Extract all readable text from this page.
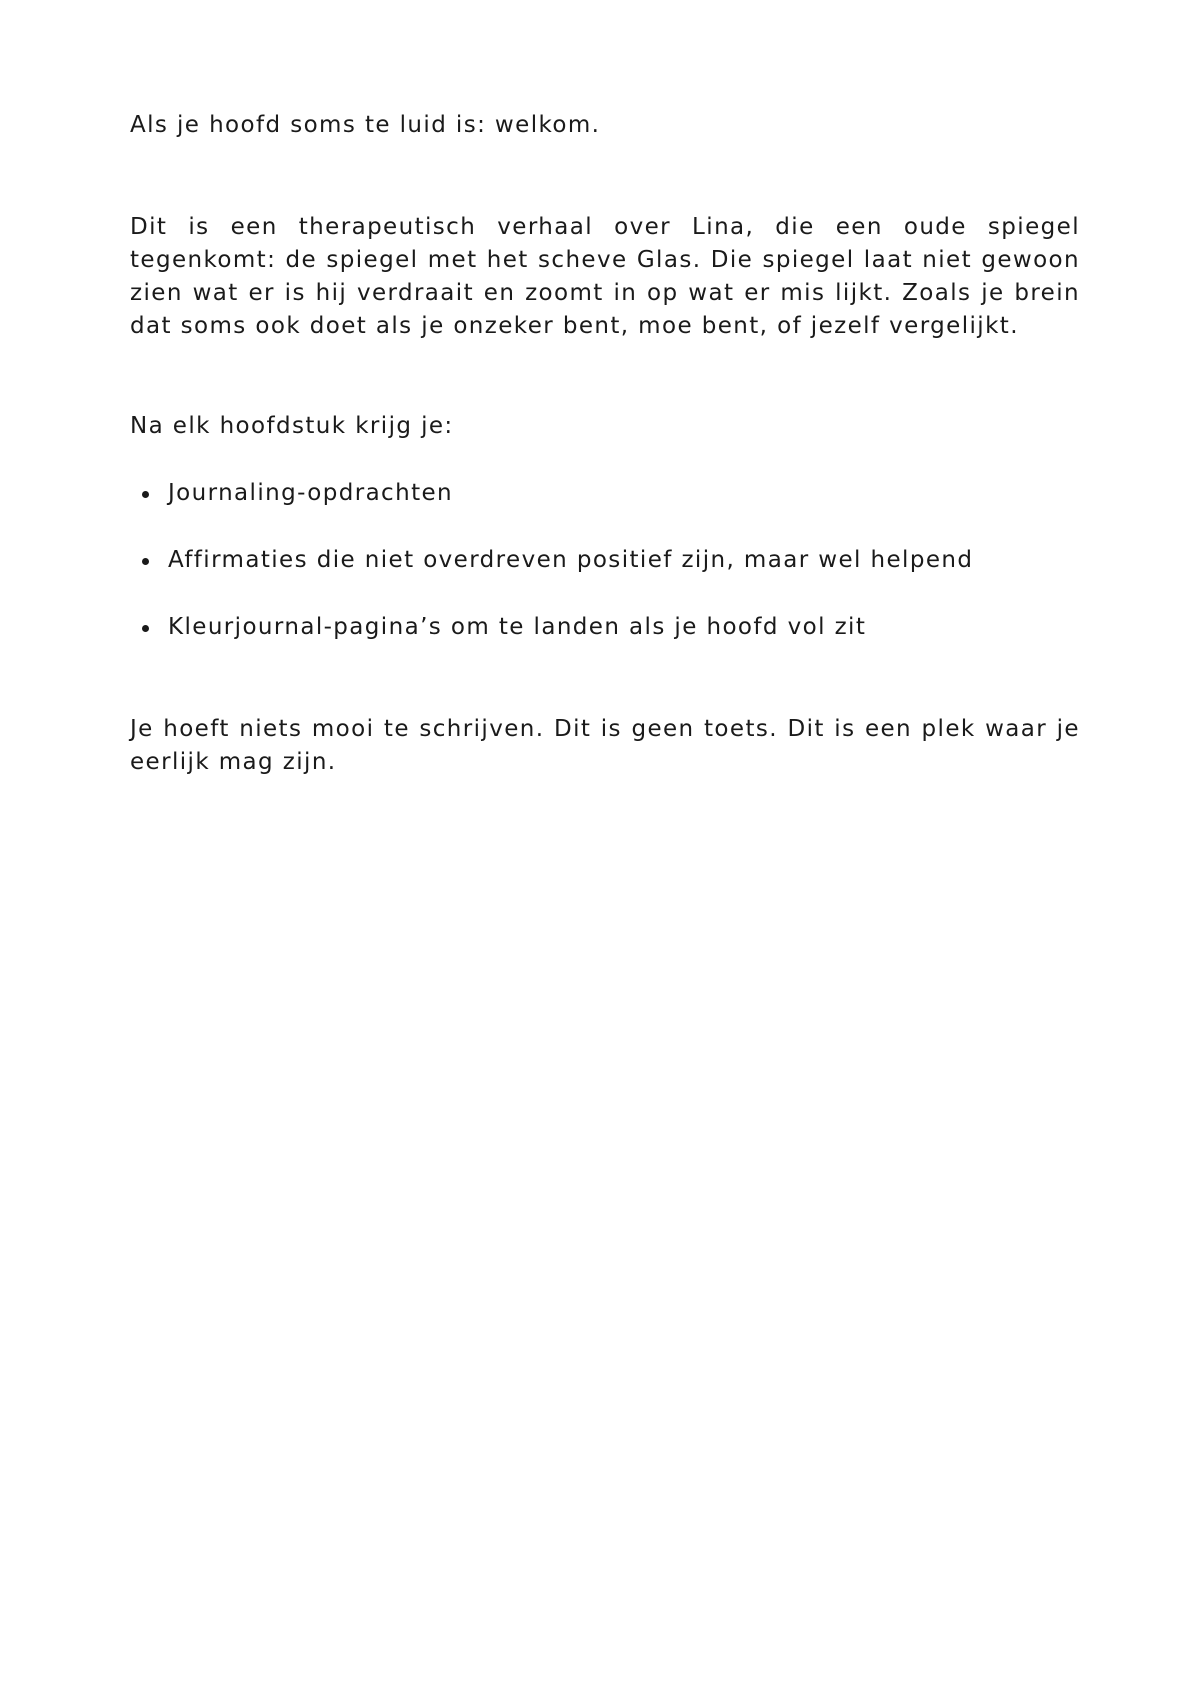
Als je hoofd soms te luid is: welkom.

Dit is een therapeutisch verhaal over Lina, die een oude spiegel tegenkomt: de spiegel met het scheve Glas. Die spiegel laat niet gewoon zien wat er is hij verdraait en zoomt in op wat er mis lijkt. Zoals je brein dat soms ook doet als je onzeker bent, moe bent, of jezelf vergelijkt.

Na elk hoofdstuk krijg je:

Journaling-opdrachten
Affirmaties die niet overdreven positief zijn, maar wel helpend
Kleurjournal-pagina’s om te landen als je hoofd vol zit

Je hoeft niets mooi te schrijven. Dit is geen toets. Dit is een plek waar je eerlijk mag zijn.
